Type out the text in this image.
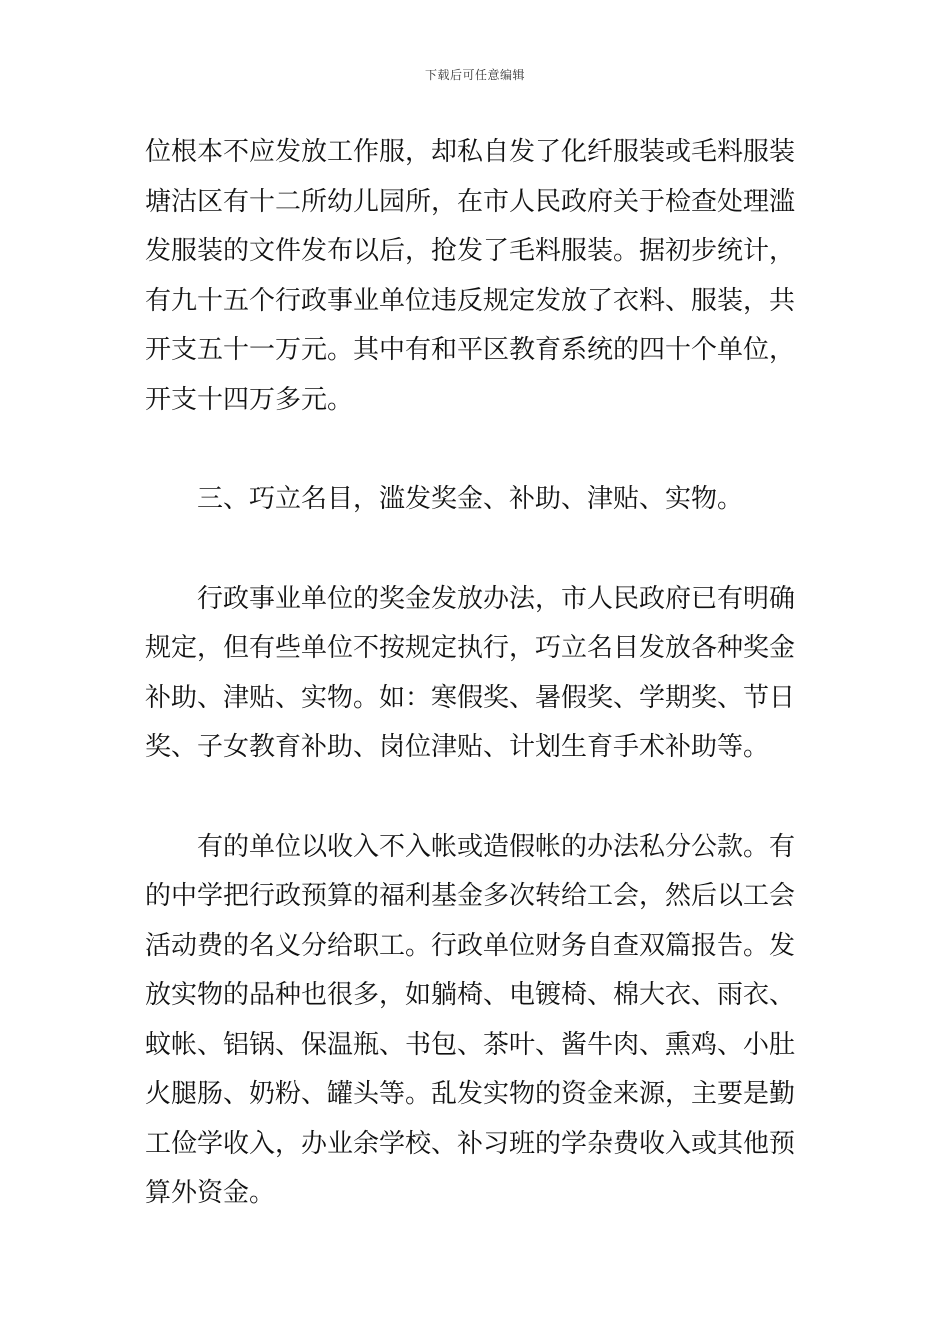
下载后可任意编辑
位根本不应发放工作服，却私自发了化纤服装或毛料服装
塘沽区有十二所幼儿园所，在市人民政府关于检查处理滥
发服装的文件发布以后，抢发了毛料服装。据初步统计，
有九十五个行政事业单位违反规定发放了衣料、服装，共
开支五十一万元。其中有和平区教育系统的四十个单位，
开支十四万多元。
三、巧立名目，滥发奖金、补助、津贴、实物。
行政事业单位的奖金发放办法，市人民政府已有明确
规定，但有些单位不按规定执行，巧立名目发放各种奖金
补助、津贴、实物。如：寒假奖、暑假奖、学期奖、节日
奖、子女教育补助、岗位津贴、计划生育手术补助等。
有的单位以收入不入帐或造假帐的办法私分公款。有
的中学把行政预算的福利基金多次转给工会，然后以工会
活动费的名义分给职工。行政单位财务自查双篇报告。发
放实物的品种也很多，如躺椅、电镀椅、棉大衣、雨衣、
蚊帐、铝锅、保温瓶、书包、茶叶、酱牛肉、熏鸡、小肚
火腿肠、奶粉、罐头等。乱发实物的资金来源，主要是勤
工俭学收入，办业余学校、补习班的学杂费收入或其他预
算外资金。
